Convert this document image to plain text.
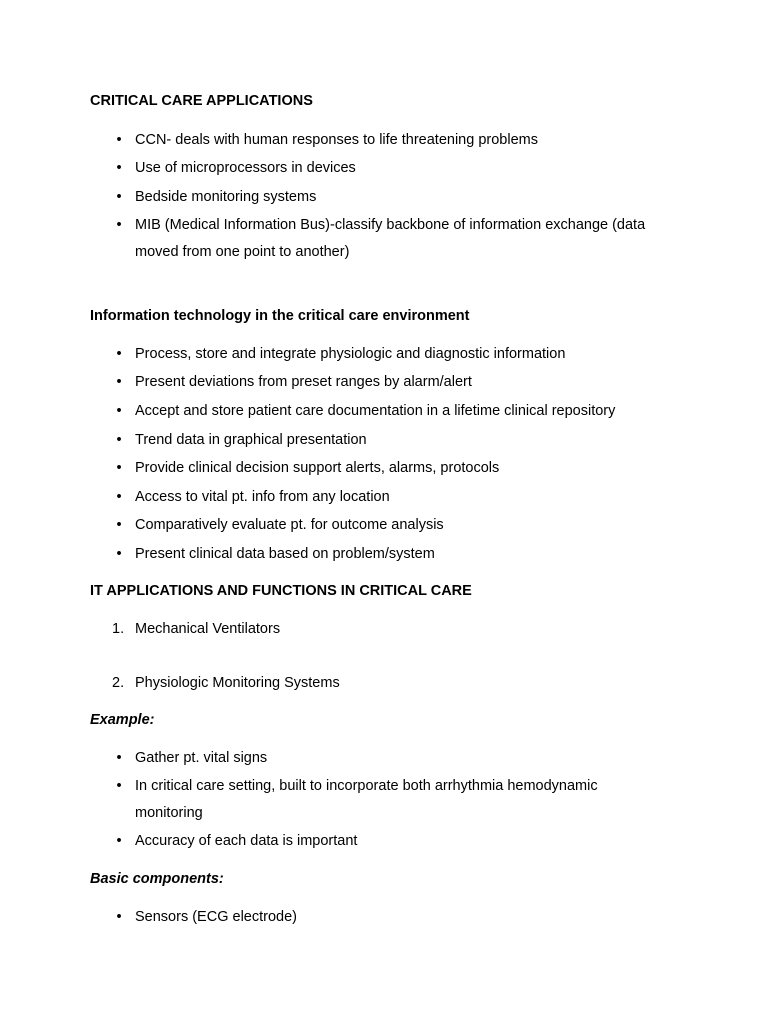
CRITICAL CARE APPLICATIONS
• CCN- deals with human responses to life threatening problems
• Use of microprocessors in devices
• Bedside monitoring systems
• MIB (Medical Information Bus)-classify backbone of information exchange (data
moved from one point to another)
Information technology in the critical care environment
• Process, store and integrate physiologic and diagnostic information
• Present deviations from preset ranges by alarm/alert
• Accept and store patient care documentation in a lifetime clinical repository
• Trend data in graphical presentation
• Provide clinical decision support alerts, alarms, protocols
• Access to vital pt. info from any location
• Comparatively evaluate pt. for outcome analysis
• Present clinical data based on problem/system
IT APPLICATIONS AND FUNCTIONS IN CRITICAL CARE
1. Mechanical Ventilators
2. Physiologic Monitoring Systems
Example:
• Gather pt. vital signs
• In critical care setting, built to incorporate both arrhythmia hemodynamic
monitoring
• Accuracy of each data is important
Basic components:
• Sensors (ECG electrode)
